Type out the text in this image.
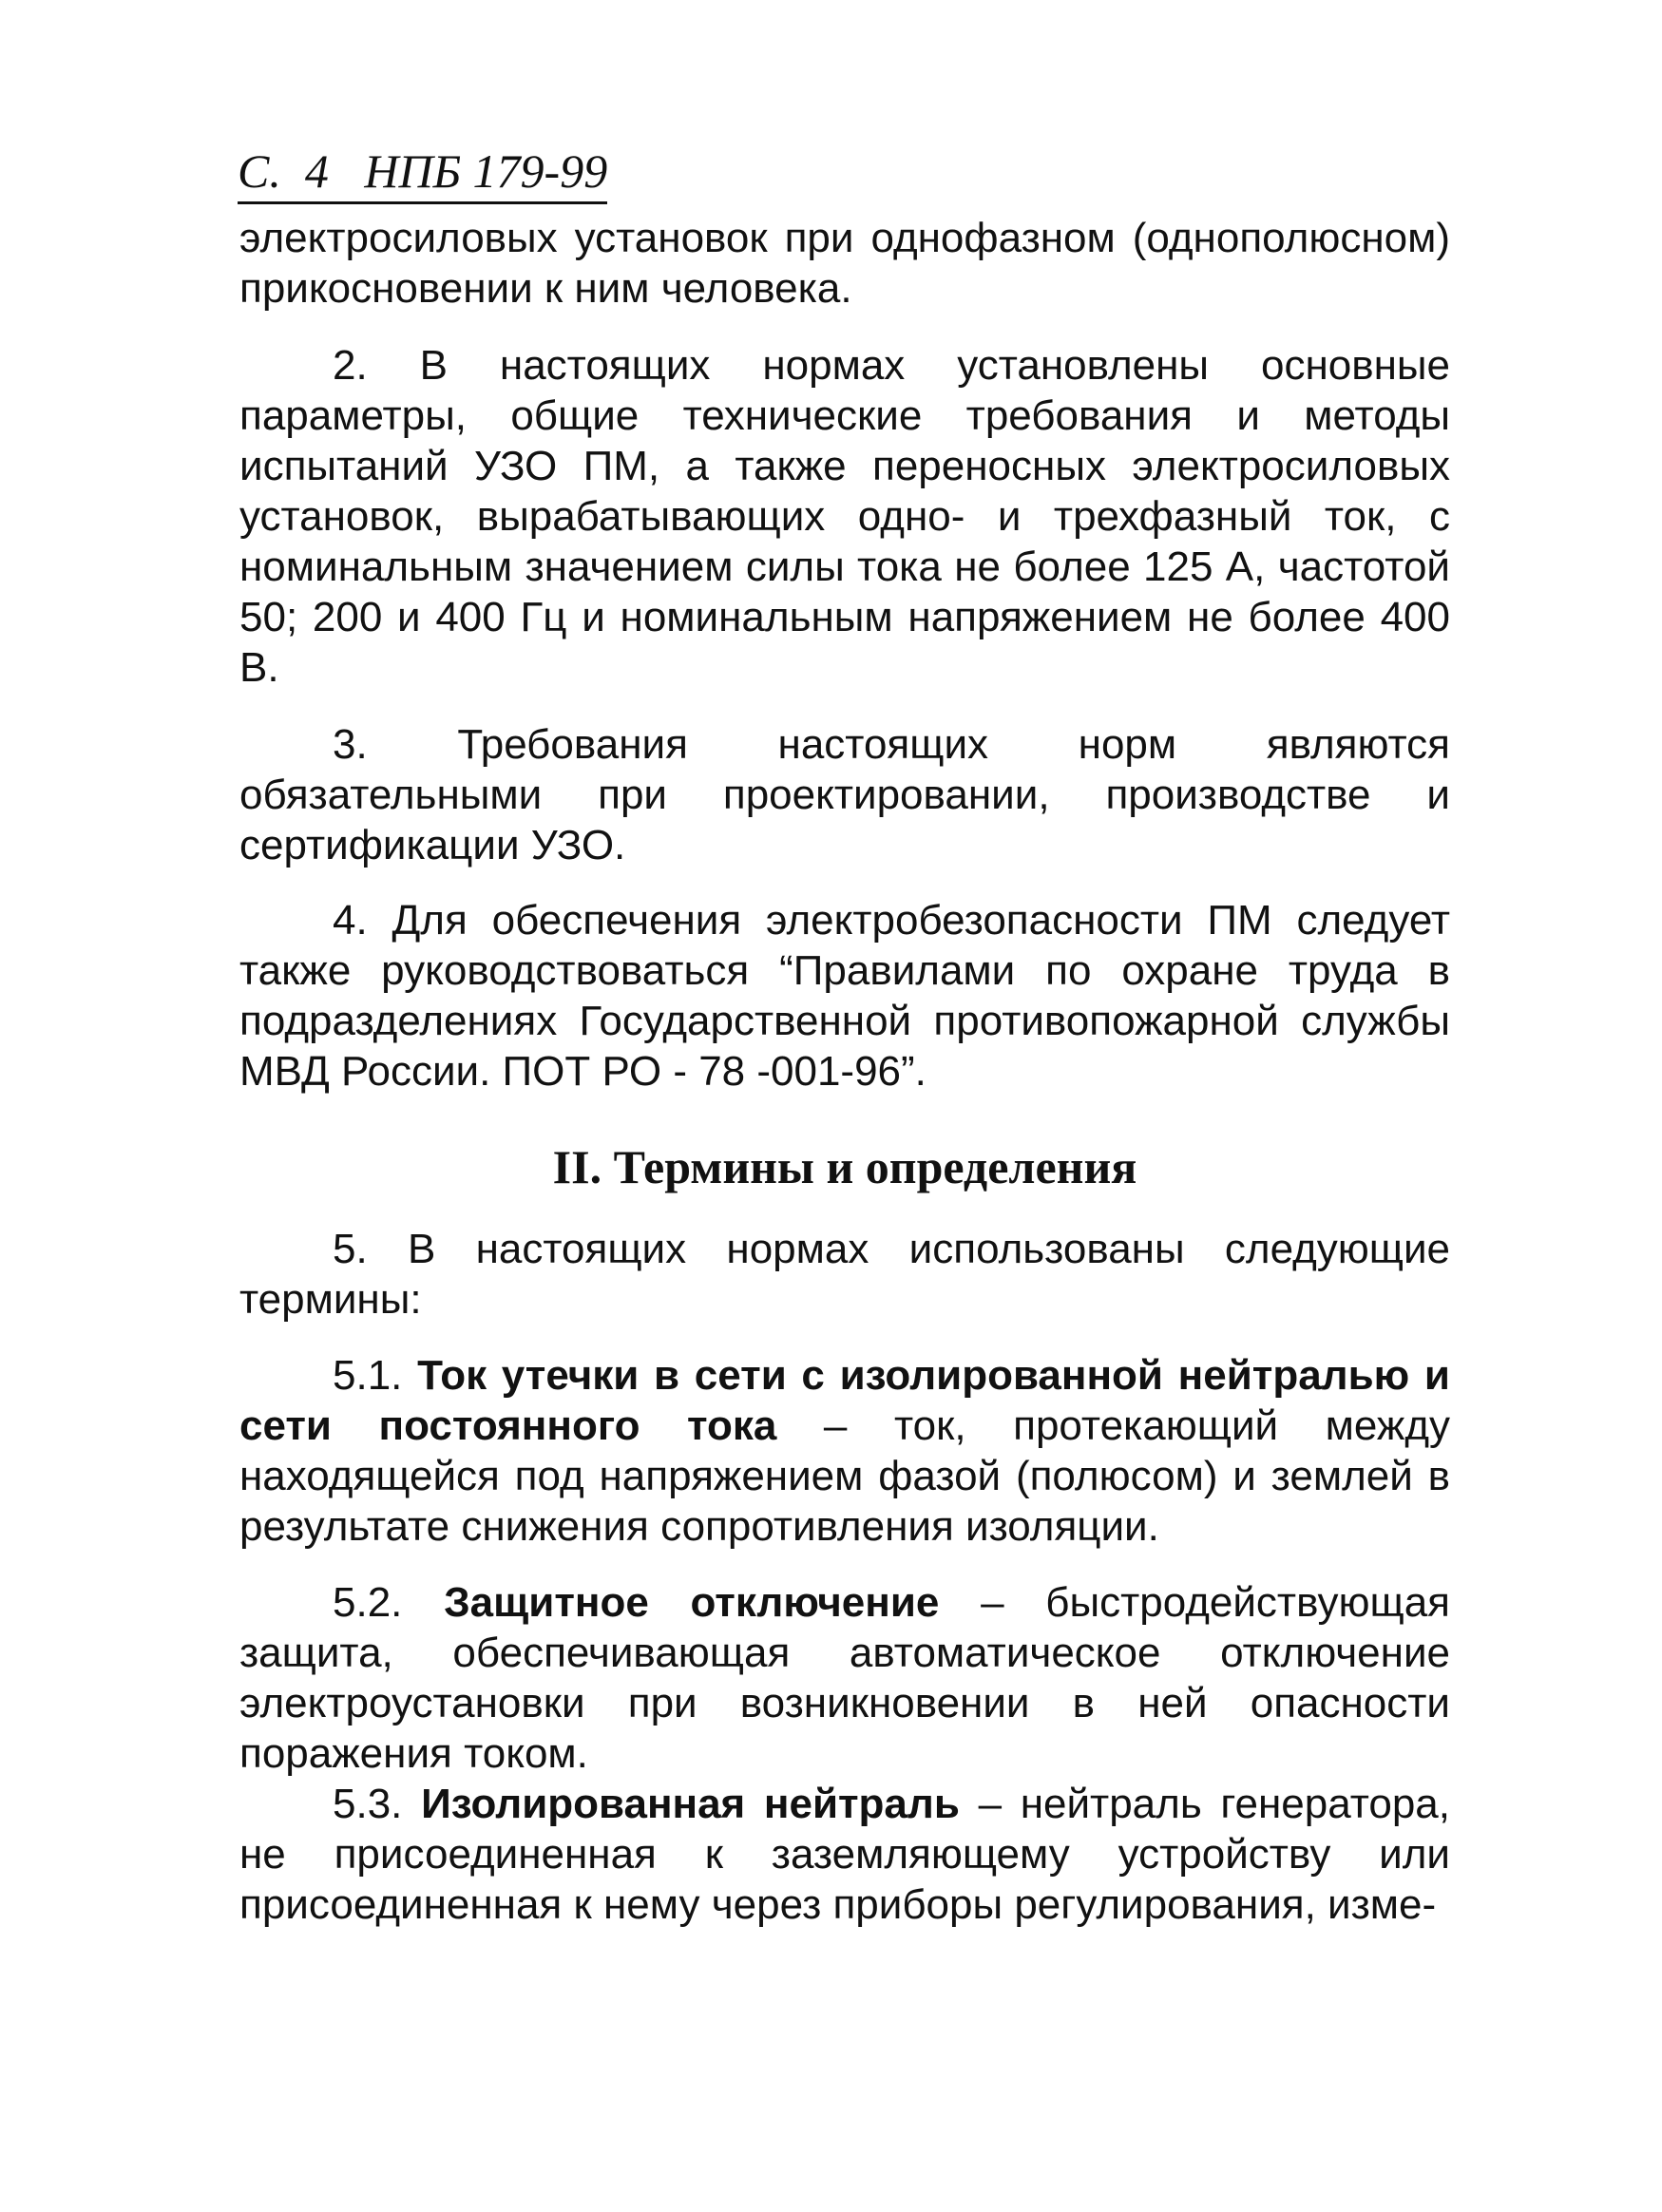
С.  4   НПБ 179-99

электросиловых установок при однофазном (однополюсном) прикосновении к ним человека.

2. В настоящих нормах установлены основные параметры, общие технические требования и методы испытаний УЗО ПМ, а также переносных электросиловых установок, вырабатывающих одно- и трехфазный ток, с номинальным значением силы тока не более 125 А, частотой 50; 200 и 400 Гц и номинальным напряжением не более 400 В.

3. Требования настоящих норм являются обязательными при проектировании, производстве и сертификации УЗО.

4. Для обеспечения электробезопасности ПМ следует также руководствоваться “Правилами по охране труда в подразделениях Государственной противопожарной службы МВД России. ПОТ РО - 78 -001-96”.

II. Термины и определения

5. В настоящих нормах использованы следующие термины:

5.1. Ток утечки в сети с изолированной нейтралью и сети постоянного тока – ток, протекающий между находящейся под напряжением фазой (полюсом) и землей в результате снижения сопротивления изоляции.

5.2. Защитное отключение – быстродействующая защита, обеспечивающая автоматическое отключение электроустановки при возникновении в ней опасности поражения током.

5.3. Изолированная нейтраль – нейтраль генератора, не присоединенная к заземляющему устройству или присоединенная к нему через приборы регулирования, изме-
